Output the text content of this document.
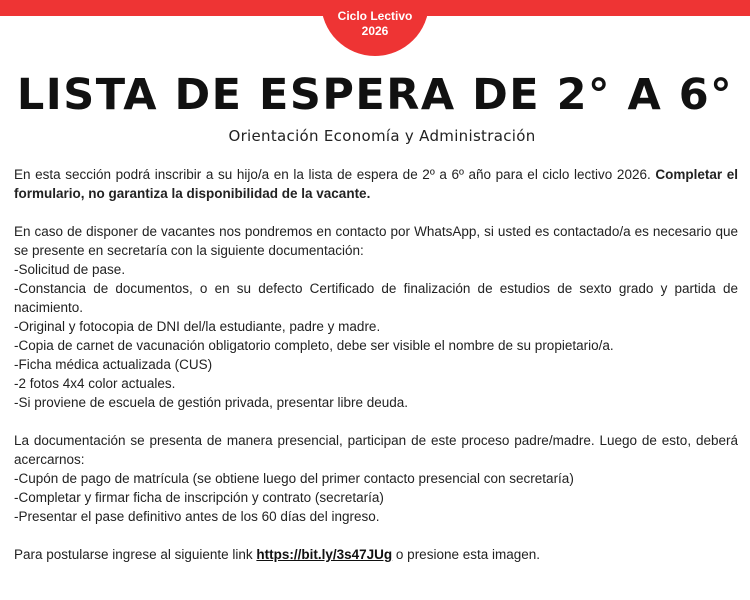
Ciclo Lectivo
2026
LISTA DE ESPERA DE 2° A 6°
Orientación Economía y Administración

En esta sección podrá inscribir a su hijo/a en la lista de espera de 2º a 6º año para el ciclo lectivo 2026. Completar el formulario, no garantiza la disponibilidad de la vacante.

En caso de disponer de vacantes nos pondremos en contacto por WhatsApp, si usted es contactado/a es necesario que se presente en secretaría con la siguiente documentación:

-Solicitud de pase.

-Constancia de documentos, o en su defecto Certificado de finalización de estudios de sexto grado y partida de nacimiento.

-Original y fotocopia de DNI del/la estudiante, padre y madre.

-Copia de carnet de vacunación obligatorio completo, debe ser visible el nombre de su propietario/a.

-Ficha médica actualizada (CUS)

-2 fotos 4x4 color actuales.

-Si proviene de escuela de gestión privada, presentar libre deuda.

La documentación se presenta de manera presencial, participan de este proceso padre/madre. Luego de esto, deberá acercarnos:

-Cupón de pago de matrícula (se obtiene luego del primer contacto presencial con secretaría)

-Completar y firmar ficha de inscripción y contrato (secretaría)

-Presentar el pase definitivo antes de los 60 días del ingreso.

Para postularse ingrese al siguiente link https://bit.ly/3s47JUg o presione esta imagen.
